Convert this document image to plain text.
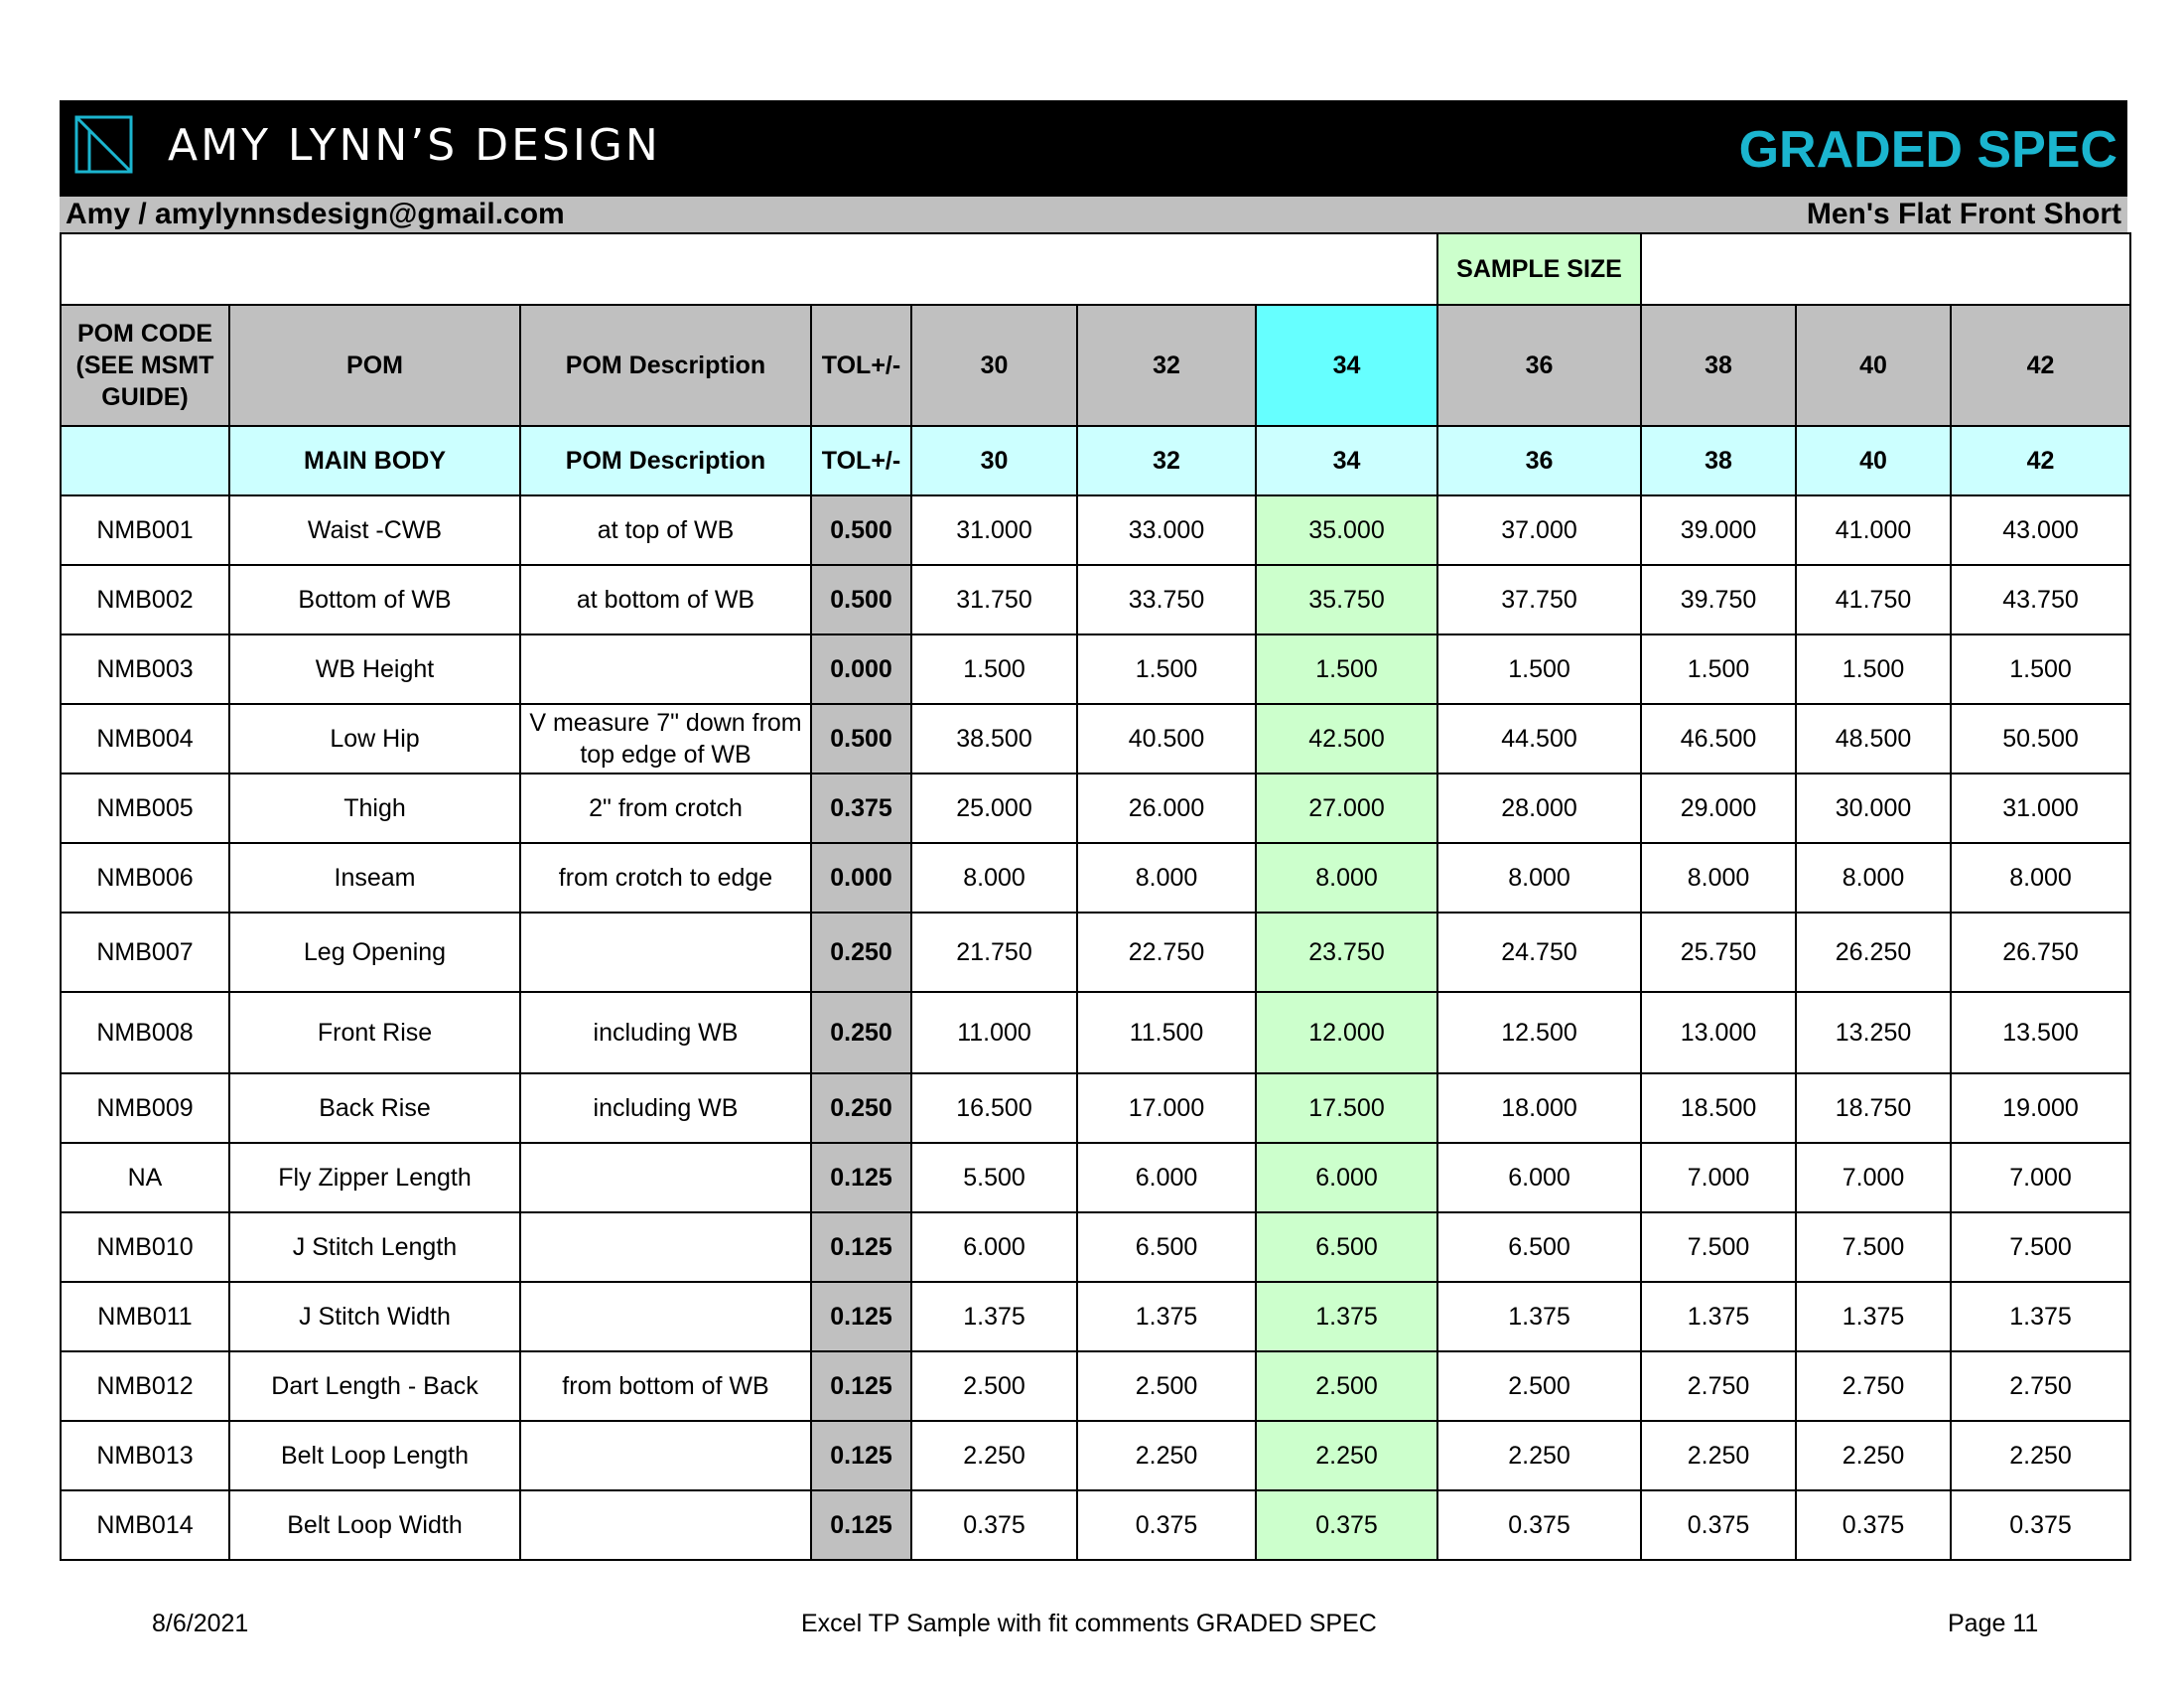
AMY LYNN’S DESIGN	GRADED SPEC
Amy / amylynnsdesign@gmail.com	Men's Flat Front Short
							SAMPLE SIZE			
POM CODE (SEE MSMT GUIDE)	POM	POM Description	TOL+/-	30	32	34	36	38	40	42
	MAIN BODY	POM Description	TOL+/-	30	32	34	36	38	40	42
NMB001	Waist -CWB	at top of WB	0.500	31.000	33.000	35.000	37.000	39.000	41.000	43.000
NMB002	Bottom of WB	at bottom of WB	0.500	31.750	33.750	35.750	37.750	39.750	41.750	43.750
NMB003	WB Height		0.000	1.500	1.500	1.500	1.500	1.500	1.500	1.500
NMB004	Low Hip	V measure 7" down from top edge of WB	0.500	38.500	40.500	42.500	44.500	46.500	48.500	50.500
NMB005	Thigh	2" from crotch	0.375	25.000	26.000	27.000	28.000	29.000	30.000	31.000
NMB006	Inseam	from crotch to edge	0.000	8.000	8.000	8.000	8.000	8.000	8.000	8.000
NMB007	Leg Opening		0.250	21.750	22.750	23.750	24.750	25.750	26.250	26.750
NMB008	Front Rise	including WB	0.250	11.000	11.500	12.000	12.500	13.000	13.250	13.500
NMB009	Back Rise	including WB	0.250	16.500	17.000	17.500	18.000	18.500	18.750	19.000
NA	Fly Zipper Length		0.125	5.500	6.000	6.000	6.000	7.000	7.000	7.000
NMB010	J Stitch Length		0.125	6.000	6.500	6.500	6.500	7.500	7.500	7.500
NMB011	J Stitch Width		0.125	1.375	1.375	1.375	1.375	1.375	1.375	1.375
NMB012	Dart Length - Back	from bottom of WB	0.125	2.500	2.500	2.500	2.500	2.750	2.750	2.750
NMB013	Belt Loop Length		0.125	2.250	2.250	2.250	2.250	2.250	2.250	2.250
NMB014	Belt Loop Width		0.125	0.375	0.375	0.375	0.375	0.375	0.375	0.375
8/6/2021	Excel TP Sample with fit comments GRADED SPEC	Page 11
